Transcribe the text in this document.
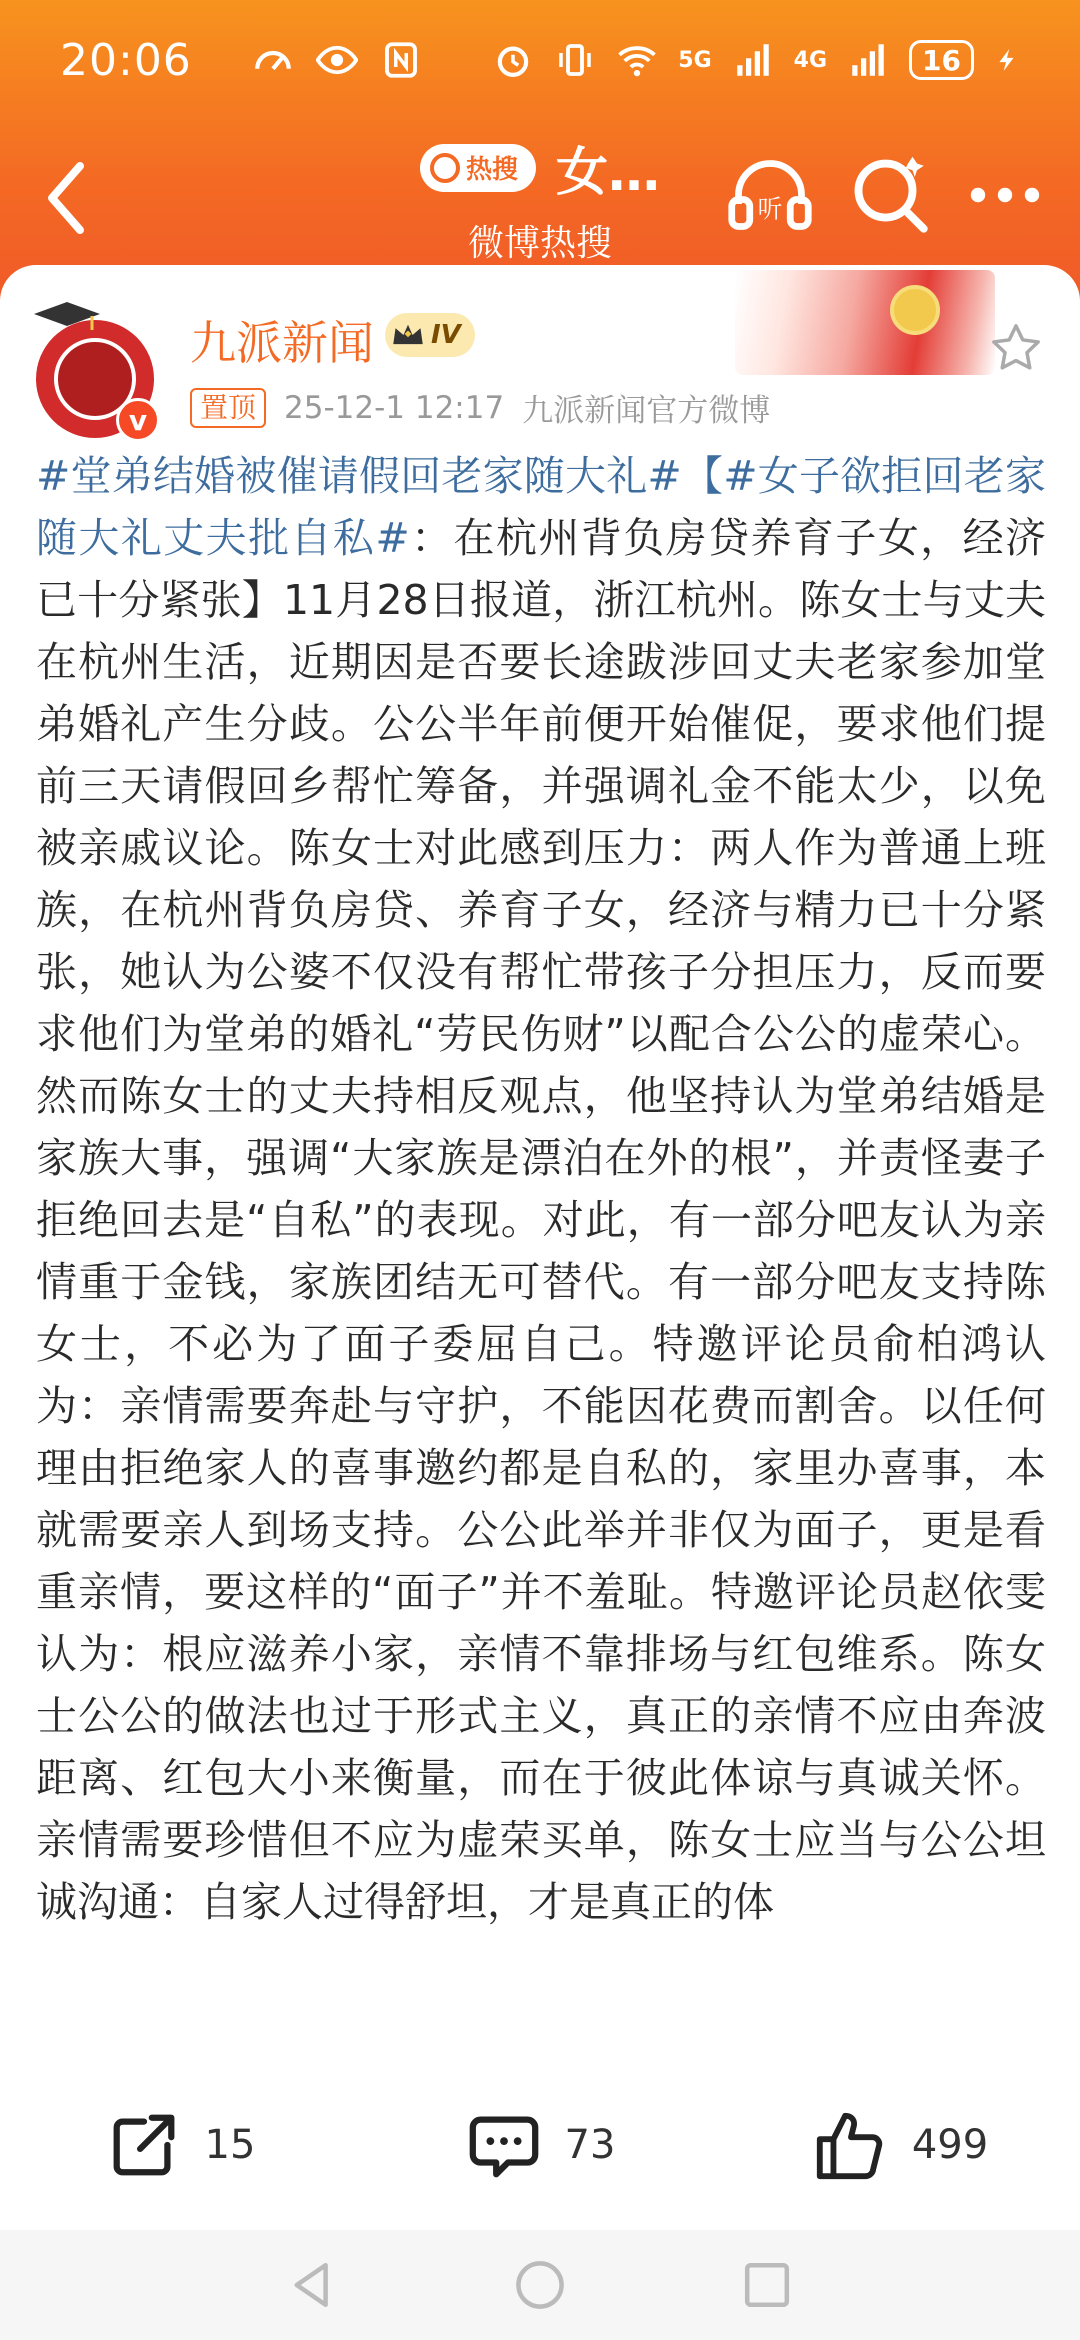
20:06	5G	4G	16
热搜 女…
微博热搜
听
v
九派新闻 IV
置顶 25-12-1 12:17 九派新闻官方微博
#堂弟结婚被催请假回老家随大礼#【#女子欲拒回老家随大礼丈夫批自私#：在杭州背负房贷养育子女，经济已十分紧张】11月28日报道，浙江杭州。陈女士与丈夫在杭州生活，近期因是否要长途跋涉回丈夫老家参加堂弟婚礼产生分歧。公公半年前便开始催促，要求他们提前三天请假回乡帮忙筹备，并强调礼金不能太少，以免被亲戚议论。陈女士对此感到压力：两人作为普通上班族，在杭州背负房贷、养育子女，经济与精力已十分紧张，她认为公婆不仅没有帮忙带孩子分担压力，反而要求他们为堂弟的婚礼“劳民伤财”以配合公公的虚荣心。然而陈女士的丈夫持相反观点，他坚持认为堂弟结婚是家族大事，强调“大家族是漂泊在外的根”，并责怪妻子拒绝回去是“自私”的表现。对此，有一部分吧友认为亲情重于金钱，家族团结无可替代。有一部分吧友支持陈女士，不必为了面子委屈自己。特邀评论员俞柏鸿认为：亲情需要奔赴与守护，不能因花费而割舍。以任何理由拒绝家人的喜事邀约都是自私的，家里办喜事，本就需要亲人到场支持。公公此举并非仅为面子，更是看重亲情，要这样的“面子”并不羞耻。特邀评论员赵依雯认为：根应滋养小家，亲情不靠排场与红包维系。陈女士公公的做法也过于形式主义，真正的亲情不应由奔波距离、红包大小来衡量，而在于彼此体谅与真诚关怀。亲情需要珍惜但不应为虚荣买单，陈女士应当与公公坦诚沟通：自家人过得舒坦，才是真正的体
15	73	499
